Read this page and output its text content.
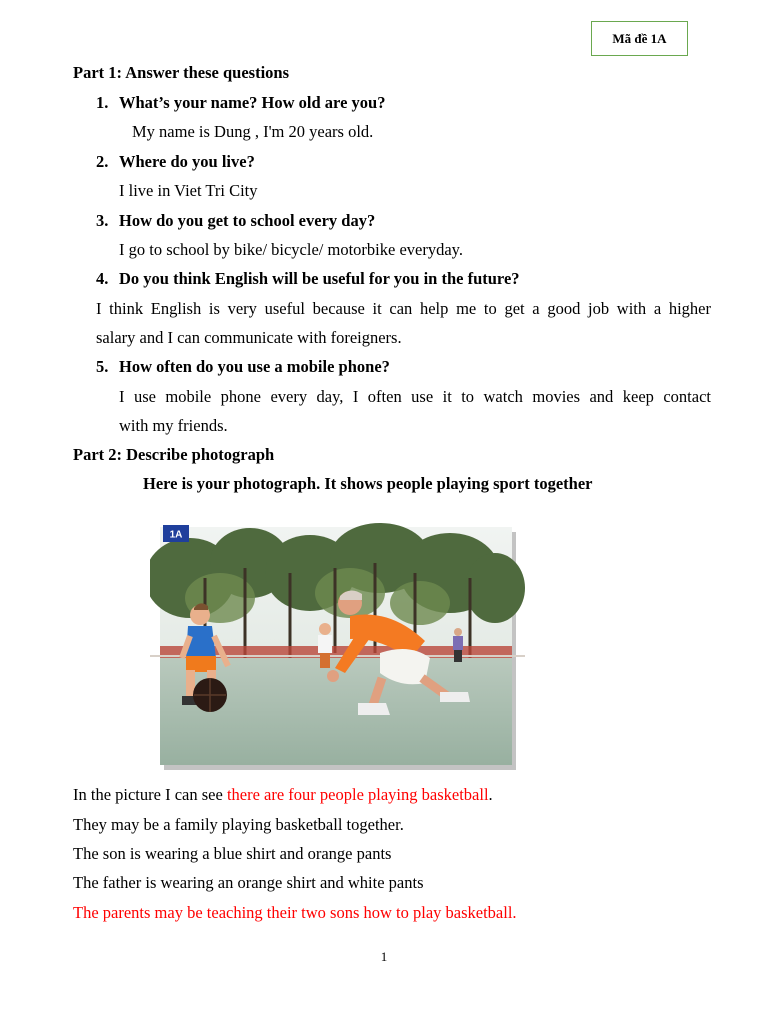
Mã đề 1A
Part 1: Answer these questions
1. What’s your name? How old are you?
My name is Dung , I'm 20 years old.
2. Where do you live?
I live in Viet Tri City
3. How do you get to school every day?
I go to school by bike/ bicycle/ motorbike everyday.
4. Do you think English will be useful for you in the future?
I think English is very useful because it can help me to get a good job with a higher
salary and I can communicate with foreigners.
5. How often do you use a mobile phone?
I use mobile phone every day, I often use it to watch movies and keep contact
with my friends.
Part 2: Describe photograph
Here is your photograph. It shows people playing sport together
1A
In the picture I can see there are four people playing basketball.
They may be a family playing basketball together.
The son is wearing a blue shirt and orange pants
The father is wearing an orange shirt and white pants
The parents may be teaching their two sons how to play basketball.
1
